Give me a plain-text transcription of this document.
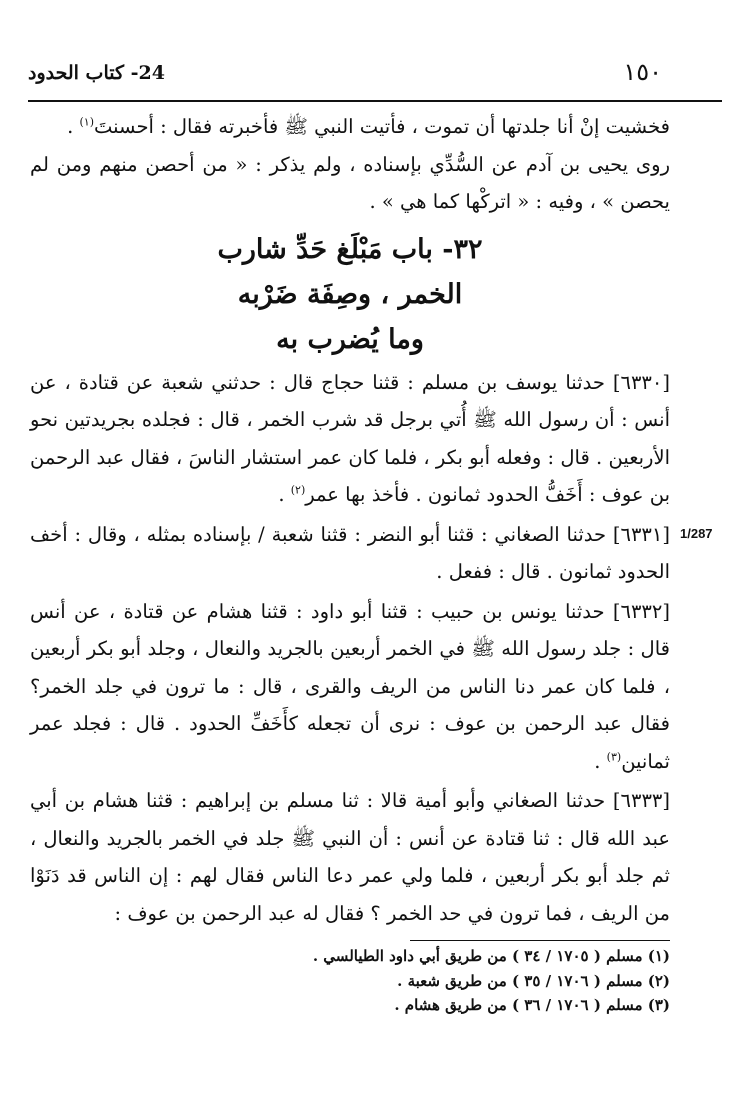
24- كتاب الحدود	١٥٠
1/287

فخشيت إنْ أنا جلدتها أن تموت ، فأتيت النبي ﷺ فأخبرته فقال : أحسنتَ$^{(١)}$ .

روى يحيى بن آدم عن السُّدِّي بإسناده ، ولم يذكر : « من أحصن منهم ومن لم يحصن » ، وفيه : « اتركْها كما هي » .

٣٢- باب مَبْلَغ حَدِّ شارب
الخمر ، وصِفَة ضَرْبه
وما يُضرب به

[٦٣٣٠] حدثنا يوسف بن مسلم : قثنا حجاج قال : حدثني شعبة عن قتادة ، عن أنس : أن رسول الله ﷺ أُتي برجل قد شرب الخمر ، قال : فجلده بجريدتين نحو الأربعين . قال : وفعله أبو بكر ، فلما كان عمر استشار الناسَ ، فقال عبد الرحمن بن عوف : أَخَفُّ الحدود ثمانون . فأخذ بها عمر$^{(٢)}$ .

[٦٣٣١] حدثنا الصغاني : قثنا أبو النضر : قثنا شعبة / بإسناده بمثله ، وقال : أخف الحدود ثمانون . قال : ففعل .

[٦٣٣٢] حدثنا يونس بن حبيب : قثنا أبو داود : قثنا هشام عن قتادة ، عن أنس قال : جلد رسول الله ﷺ في الخمر أربعين بالجريد والنعال ، وجلد أبو بكر أربعين ، فلما كان عمر دنا الناس من الريف والقرى ، قال : ما ترون في جلد الخمر؟ فقال عبد الرحمن بن عوف : نرى أن تجعله كأَخَفِّ الحدود . قال : فجلد عمر ثمانين$^{(٣)}$ .

[٦٣٣٣] حدثنا الصغاني وأبو أمية قالا : ثنا مسلم بن إبراهيم : قثنا هشام بن أبي عبد الله قال : ثنا قتادة عن أنس : أن النبي ﷺ جلد في الخمر بالجريد والنعال ، ثم جلد أبو بكر أربعين ، فلما ولي عمر دعا الناس فقال لهم : إن الناس قد دَنَوْا من الريف ، فما ترون في حد الخمر ؟ فقال له عبد الرحمن بن عوف :

(١) مسلم ( ١٧٠٥ / ٣٤ ) من طريق أبي داود الطيالسي .
(٢) مسلم ( ١٧٠٦ / ٣٥ ) من طريق شعبة .
(٣) مسلم ( ١٧٠٦ / ٣٦ ) من طريق هشام .
